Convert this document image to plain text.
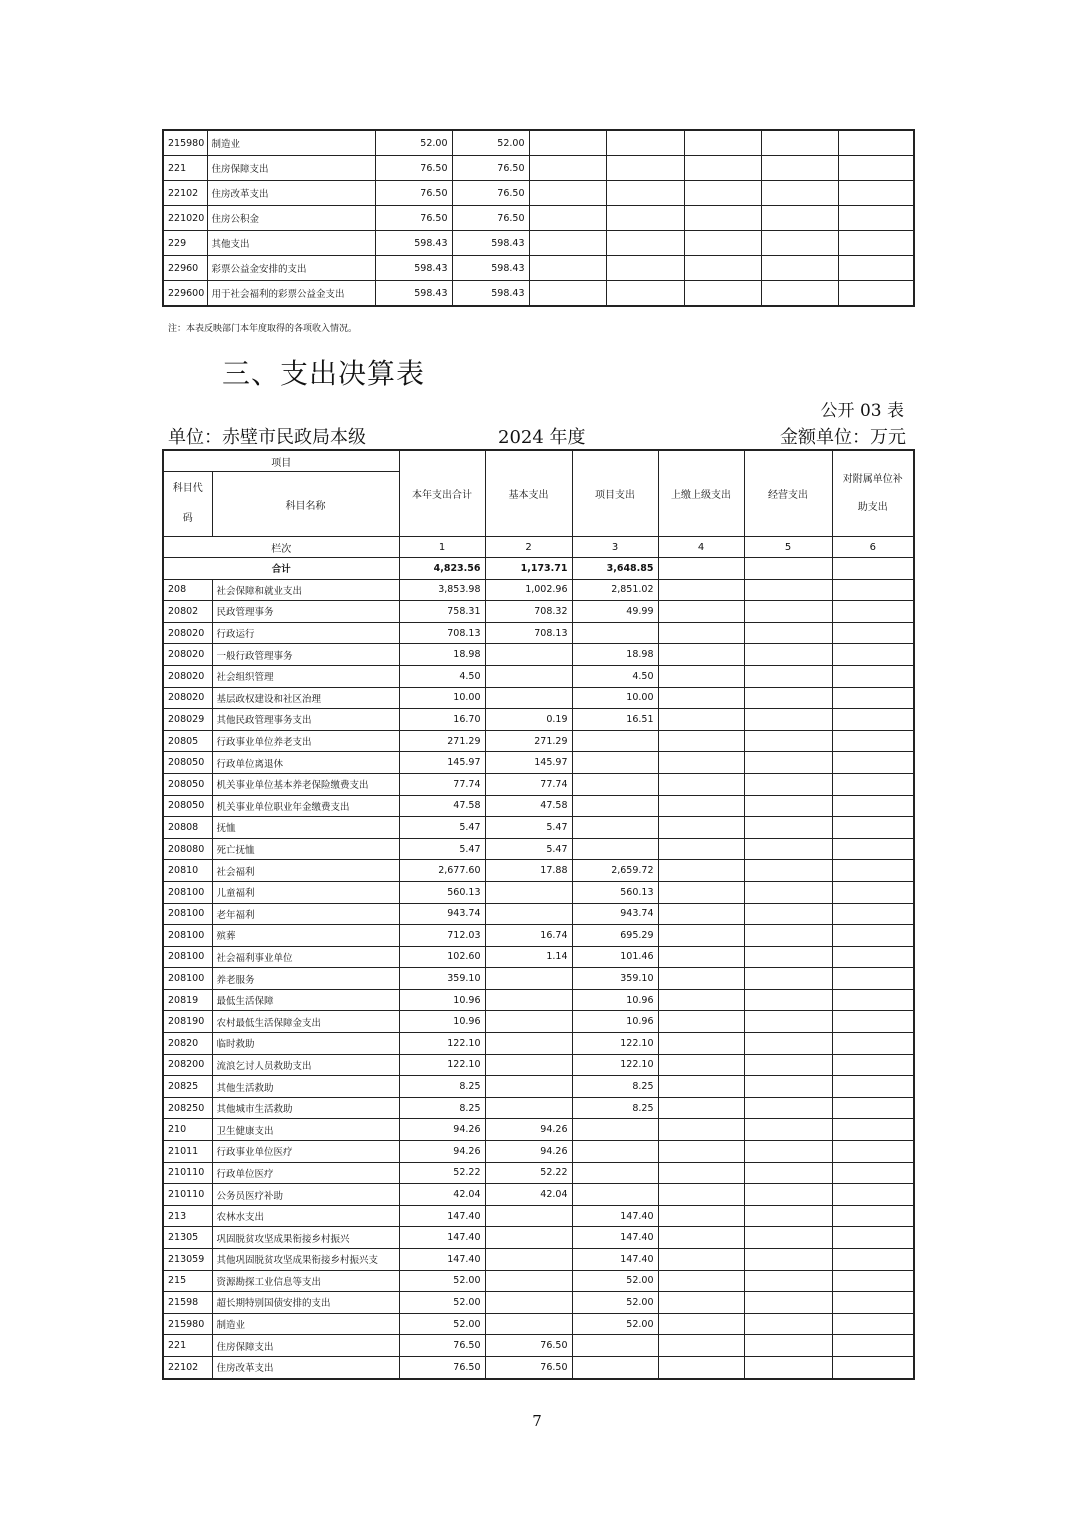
215980	制造业	52.00	52.00					
221	住房保障支出	76.50	76.50					
22102	住房改革支出	76.50	76.50					
221020	住房公积金	76.50	76.50					
229	其他支出	598.43	598.43					
22960	彩票公益金安排的支出	598.43	598.43					
229600	用于社会福利的彩票公益金支出	598.43	598.43					
注：本表反映部门本年度取得的各项收入情况。
三、支出决算表
公开 03 表
单位：赤壁市民政局本级	2024 年度	金额单位：万元
项目		本年支出合计	基本支出	项目支出	上缴上级支出	经营支出	对附属单位补
助支出

科目代
码	科目名称						
栏次		1	2	3	4	5	6
合计		4,823.56	1,173.71	3,648.85			
208	社会保障和就业支出	3,853.98	1,002.96	2,851.02			
20802	民政管理事务	758.31	708.32	49.99			
208020	行政运行	708.13	708.13				
208020	一般行政管理事务	18.98		18.98			
208020	社会组织管理	4.50		4.50			
208020	基层政权建设和社区治理	10.00		10.00			
208029	其他民政管理事务支出	16.70	0.19	16.51			
20805	行政事业单位养老支出	271.29	271.29				
208050	行政单位离退休	145.97	145.97				
208050	机关事业单位基本养老保险缴费支出	77.74	77.74				
208050	机关事业单位职业年金缴费支出	47.58	47.58				
20808	抚恤	5.47	5.47				
208080	死亡抚恤	5.47	5.47				
20810	社会福利	2,677.60	17.88	2,659.72			
208100	儿童福利	560.13		560.13			
208100	老年福利	943.74		943.74			
208100	殡葬	712.03	16.74	695.29			
208100	社会福利事业单位	102.60	1.14	101.46			
208100	养老服务	359.10		359.10			
20819	最低生活保障	10.96		10.96			
208190	农村最低生活保障金支出	10.96		10.96			
20820	临时救助	122.10		122.10			
208200	流浪乞讨人员救助支出	122.10		122.10			
20825	其他生活救助	8.25		8.25			
208250	其他城市生活救助	8.25		8.25			
210	卫生健康支出	94.26	94.26				
21011	行政事业单位医疗	94.26	94.26				
210110	行政单位医疗	52.22	52.22				
210110	公务员医疗补助	42.04	42.04				
213	农林水支出	147.40		147.40			
21305	巩固脱贫攻坚成果衔接乡村振兴	147.40		147.40			
213059	其他巩固脱贫攻坚成果衔接乡村振兴支	147.40		147.40			
215	资源勘探工业信息等支出	52.00		52.00			
21598	超长期特别国债安排的支出	52.00		52.00			
215980	制造业	52.00		52.00			
221	住房保障支出	76.50	76.50				
22102	住房改革支出	76.50	76.50				
7
